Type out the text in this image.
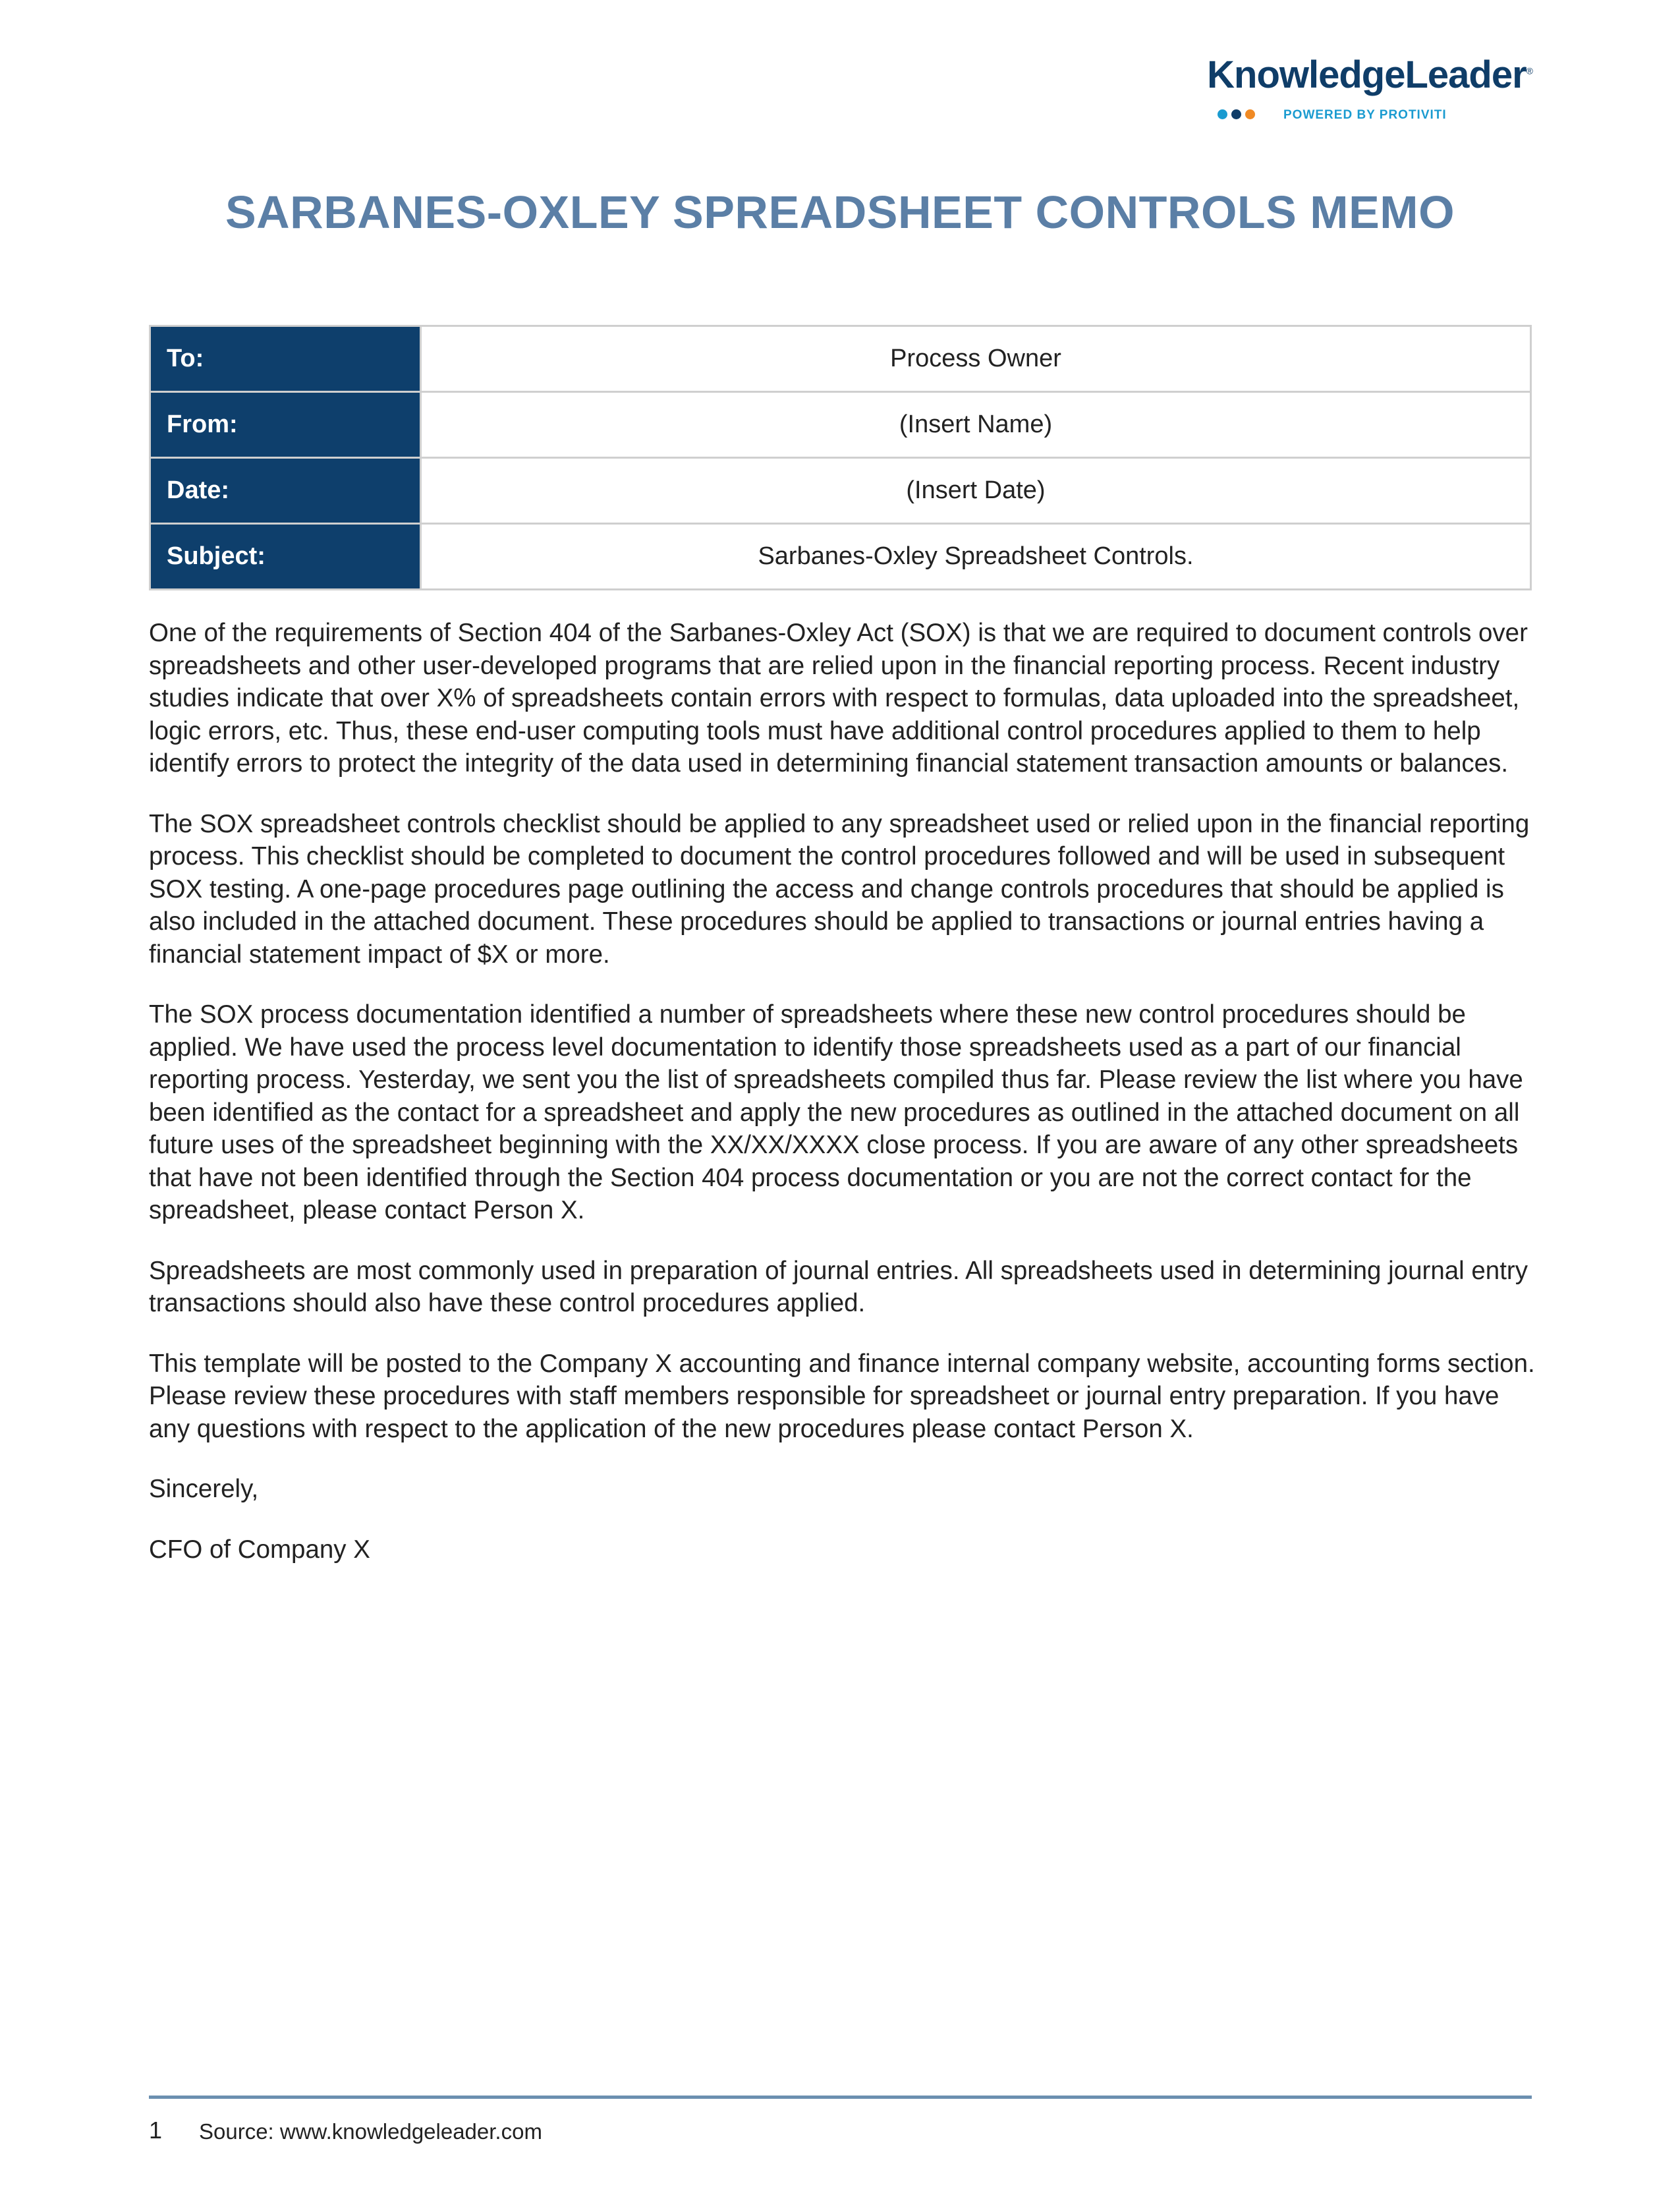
KnowledgeLeader®
POWERED BY PROTIVITI
SARBANES-OXLEY SPREADSHEET CONTROLS MEMO
To:	Process Owner
From:	(Insert Name)
Date:	(Insert Date)
Subject:	Sarbanes-Oxley Spreadsheet Controls.

One of the requirements of Section 404 of the Sarbanes-Oxley Act (SOX) is that we are required to document controls over spreadsheets and other user-developed programs that are relied upon in the financial reporting process. Recent industry studies indicate that over X% of spreadsheets contain errors with respect to formulas, data uploaded into the spreadsheet, logic errors, etc. Thus, these end-user computing tools must have additional control procedures applied to them to help identify errors to protect the integrity of the data used in determining financial statement transaction amounts or balances.

The SOX spreadsheet controls checklist should be applied to any spreadsheet used or relied upon in the financial reporting process. This checklist should be completed to document the control procedures followed and will be used in subsequent SOX testing. A one-page procedures page outlining the access and change controls procedures that should be applied is also included in the attached document. These procedures should be applied to transactions or journal entries having a financial statement impact of $X or more.

The SOX process documentation identified a number of spreadsheets where these new control procedures should be applied. We have used the process level documentation to identify those spreadsheets used as a part of our financial reporting process. Yesterday, we sent you the list of spreadsheets compiled thus far. Please review the list where you have been identified as the contact for a spreadsheet and apply the new procedures as outlined in the attached document on all future uses of the spreadsheet beginning with the XX/XX/XXXX close process. If you are aware of any other spreadsheets that have not been identified through the Section 404 process documentation or you are not the correct contact for the spreadsheet, please contact Person X.

Spreadsheets are most commonly used in preparation of journal entries. All spreadsheets used in determining journal entry transactions should also have these control procedures applied.

This template will be posted to the Company X accounting and finance internal company website, accounting forms section. Please review these procedures with staff members responsible for spreadsheet or journal entry preparation. If you have any questions with respect to the application of the new procedures please contact Person X.

Sincerely,

CFO of Company X

1 Source: www.knowledgeleader.com
